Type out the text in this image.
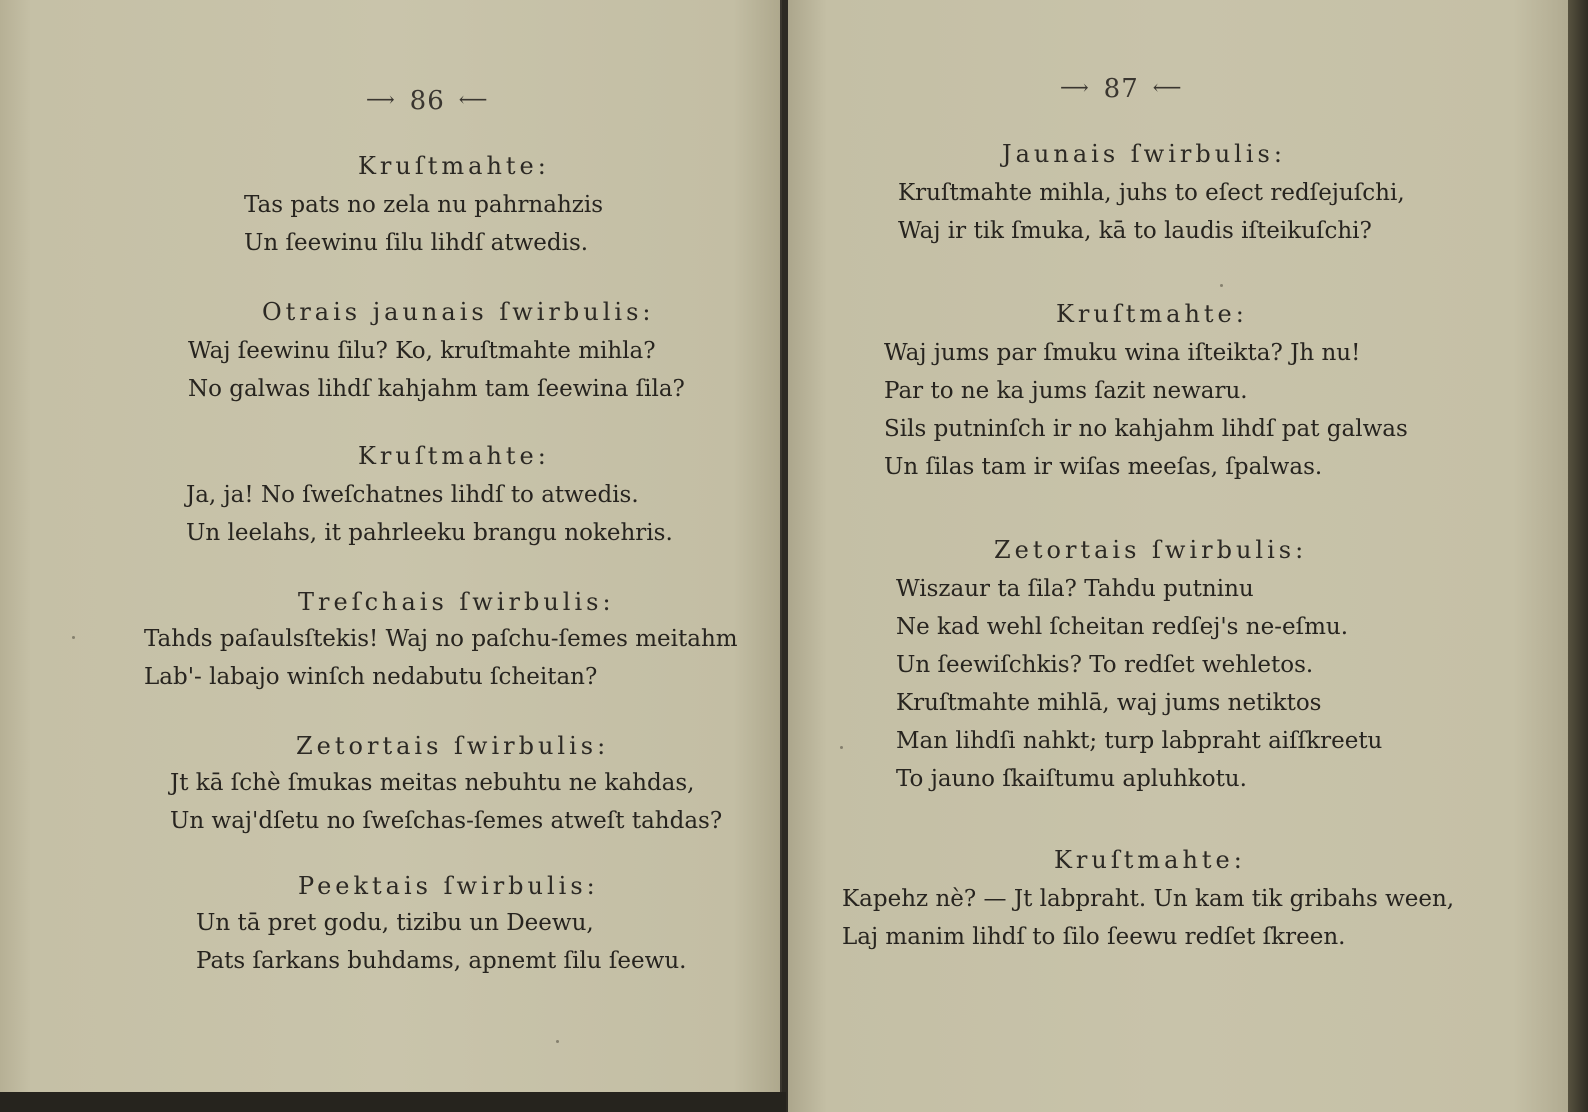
⟶ 86 ⟵
Kruſtmahte:
Tas pats no zela nu pahrnahzis
Un ſeewinu ſilu lihdſ atwedis.
Otrais jaunais ſwirbulis:
Waj ſeewinu ſilu? Ko, kruſtmahte mihla?
No galwas lihdſ kahjahm tam ſeewina ſila?
Kruſtmahte:
Ja, ja! No ſweſchatnes lihdſ to atwedis.
Un leelahs, it pahrleeku brangu nokehris.
Treſchais ſwirbulis:
Tahds paſaulsſtekis! Waj no paſchu-ſemes meitahm
Lab'- labajo winſch nedabutu ſcheitan?
Zetortais ſwirbulis:
Jt kā ſchè ſmukas meitas nebuhtu ne kahdas,
Un waj'dſetu no ſweſchas-ſemes atweſt tahdas?
Peektais ſwirbulis:
Un tā pret godu, tizibu un Deewu,
Pats ſarkans buhdams, apnemt ſilu ſeewu.
⟶ 87 ⟵
Jaunais ſwirbulis:
Kruſtmahte mihla, juhs to eſect redſejuſchi,
Waj ir tik ſmuka, kā to laudis iſteikuſchi?
Kruſtmahte:
Waj jums par ſmuku wina iſteikta? Jh nu!
Par to ne ka jums ſazit newaru.
Sils putninſch ir no kahjahm lihdſ pat galwas
Un ſilas tam ir wiſas meeſas, ſpalwas.
Zetortais ſwirbulis:
Wiszaur ta ſila? Tahdu putninu
Ne kad wehl ſcheitan redſej's ne-eſmu.
Un ſeewiſchkis? To redſet wehletos.
Kruſtmahte mihlā, waj jums netiktos
Man lihdſi nahkt; turp labpraht aiſſkreetu
To jauno ſkaiſtumu apluhkotu.
Kruſtmahte:
Kapehz nè? — Jt labpraht. Un kam tik gribahs ween,
Laj manim lihdſ to ſilo ſeewu redſet ſkreen.
